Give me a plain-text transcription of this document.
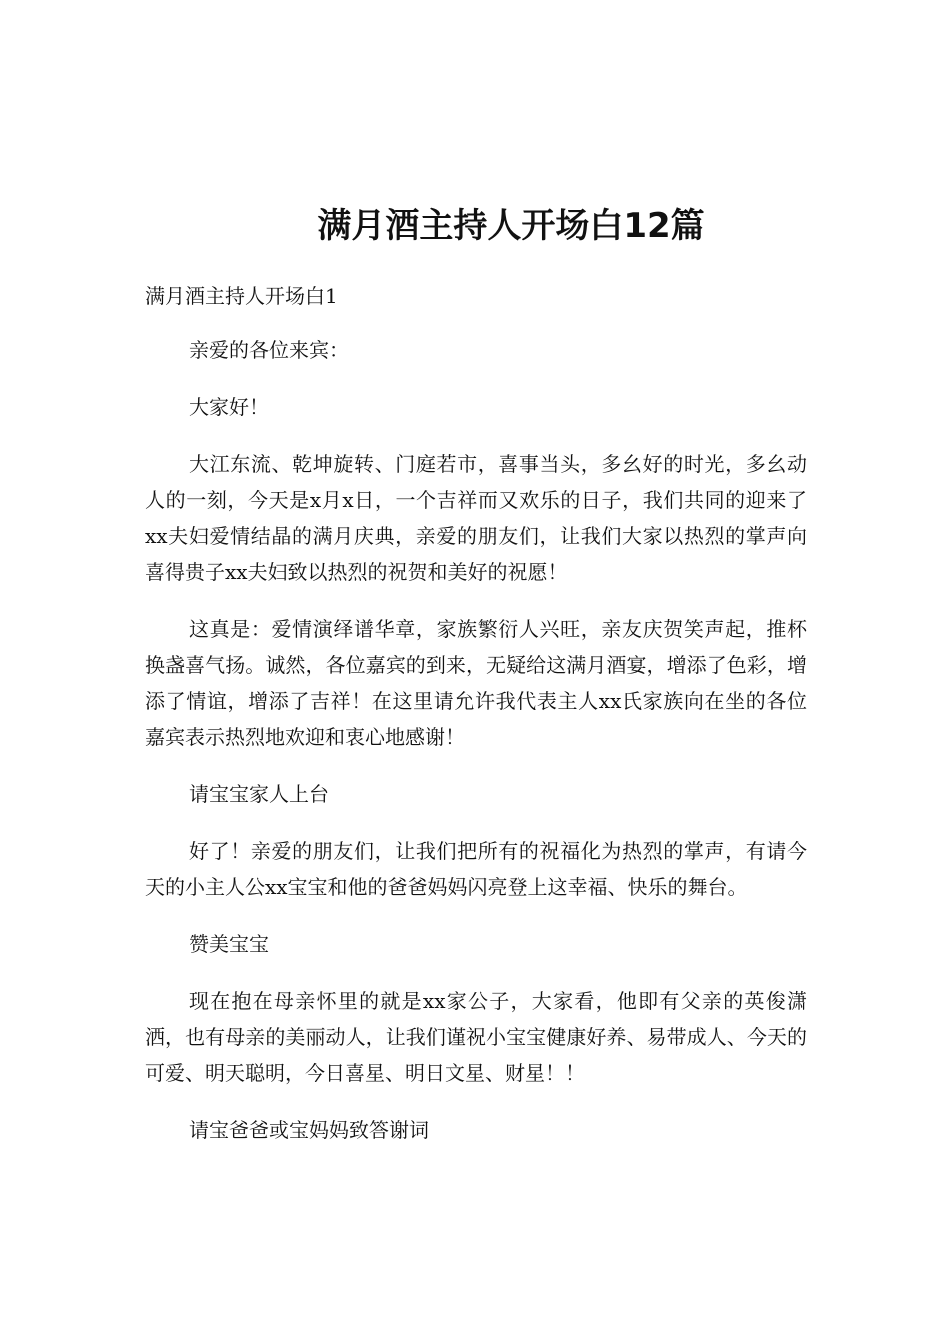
满月酒主持人开场白12篇

满月酒主持人开场白1

亲爱的各位来宾：

大家好！

大江东流、乾坤旋转、门庭若市，喜事当头，多幺好的时光，多幺动人的一刻，今天是x月x日，一个吉祥而又欢乐的日子，我们共同的迎来了xx夫妇爱情结晶的满月庆典，亲爱的朋友们，让我们大家以热烈的掌声向喜得贵子xx夫妇致以热烈的祝贺和美好的祝愿！

这真是：爱情演绎谱华章，家族繁衍人兴旺，亲友庆贺笑声起，推杯换盏喜气扬。诚然，各位嘉宾的到来，无疑给这满月酒宴，增添了色彩，增添了情谊，增添了吉祥！在这里请允许我代表主人xx氏家族向在坐的各位嘉宾表示热烈地欢迎和衷心地感谢！

请宝宝家人上台

好了！亲爱的朋友们，让我们把所有的祝福化为热烈的掌声，有请今天的小主人公xx宝宝和他的爸爸妈妈闪亮登上这幸福、快乐的舞台。

赞美宝宝

现在抱在母亲怀里的就是xx家公子，大家看，他即有父亲的英俊潇洒，也有母亲的美丽动人，让我们谨祝小宝宝健康好养、易带成人、今天的可爱、明天聪明，今日喜星、明日文星、财星！！

请宝爸爸或宝妈妈致答谢词
